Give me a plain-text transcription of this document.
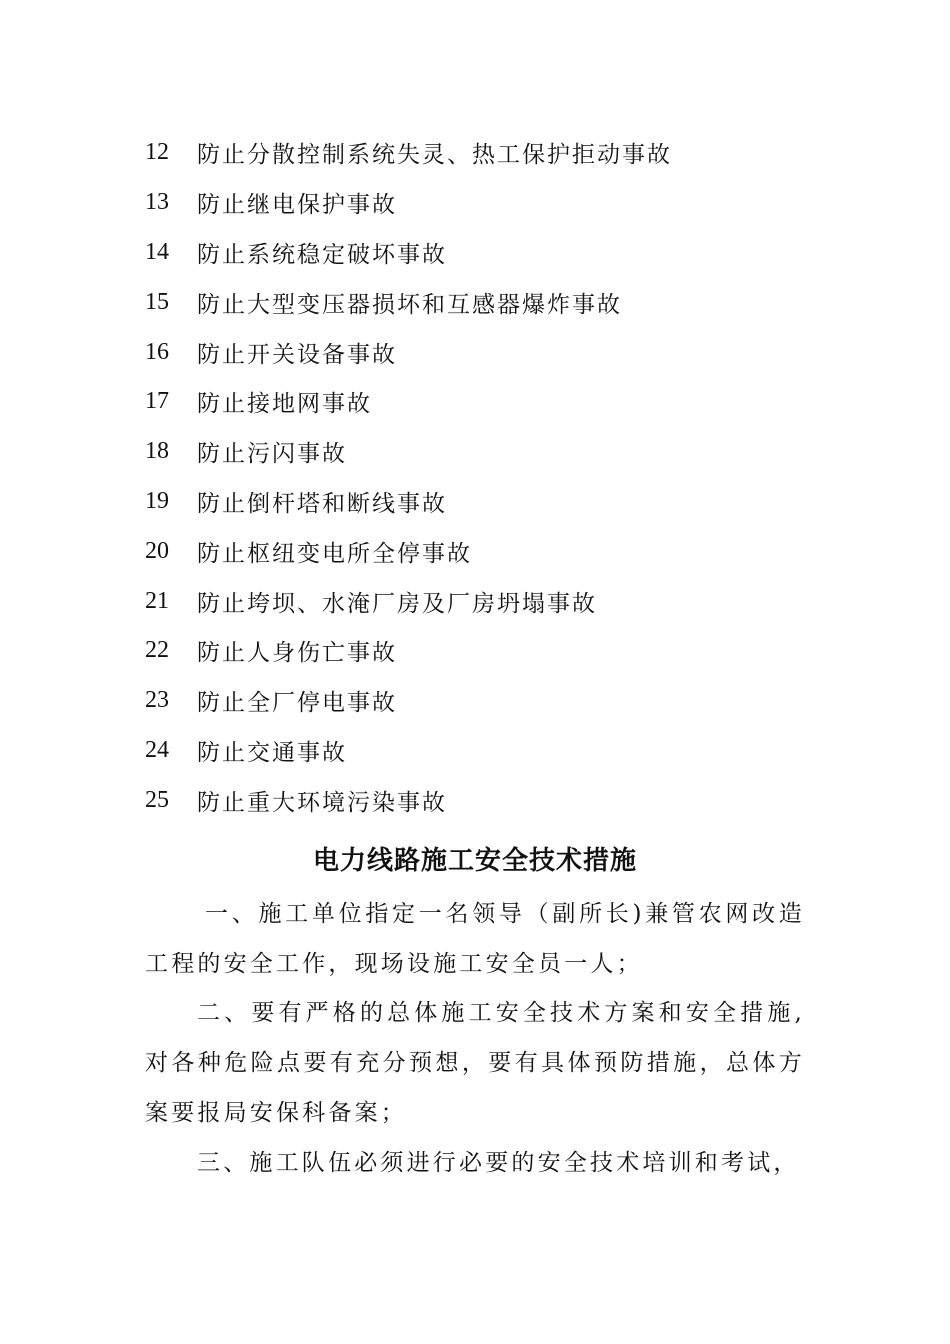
12	防止分散控制系统失灵、热工保护拒动事故
13	防止继电保护事故
14	防止系统稳定破坏事故
15	防止大型变压器损坏和互感器爆炸事故
16	防止开关设备事故
17	防止接地网事故
18	防止污闪事故
19	防止倒杆塔和断线事故
20	防止枢纽变电所全停事故
21	防止垮坝、水淹厂房及厂房坍塌事故
22	防止人身伤亡事故
23	防止全厂停电事故
24	防止交通事故
25	防止重大环境污染事故
电力线路施工安全技术措施

一、施工单位指定一名领导（副所长)兼管农网改造工程的安全工作，现场设施工安全员一人；

二、要有严格的总体施工安全技术方案和安全措施,对各种危险点要有充分预想，要有具体预防措施，总体方案要报局安保科备案；

三、施工队伍必须进行必要的安全技术培训和考试，
